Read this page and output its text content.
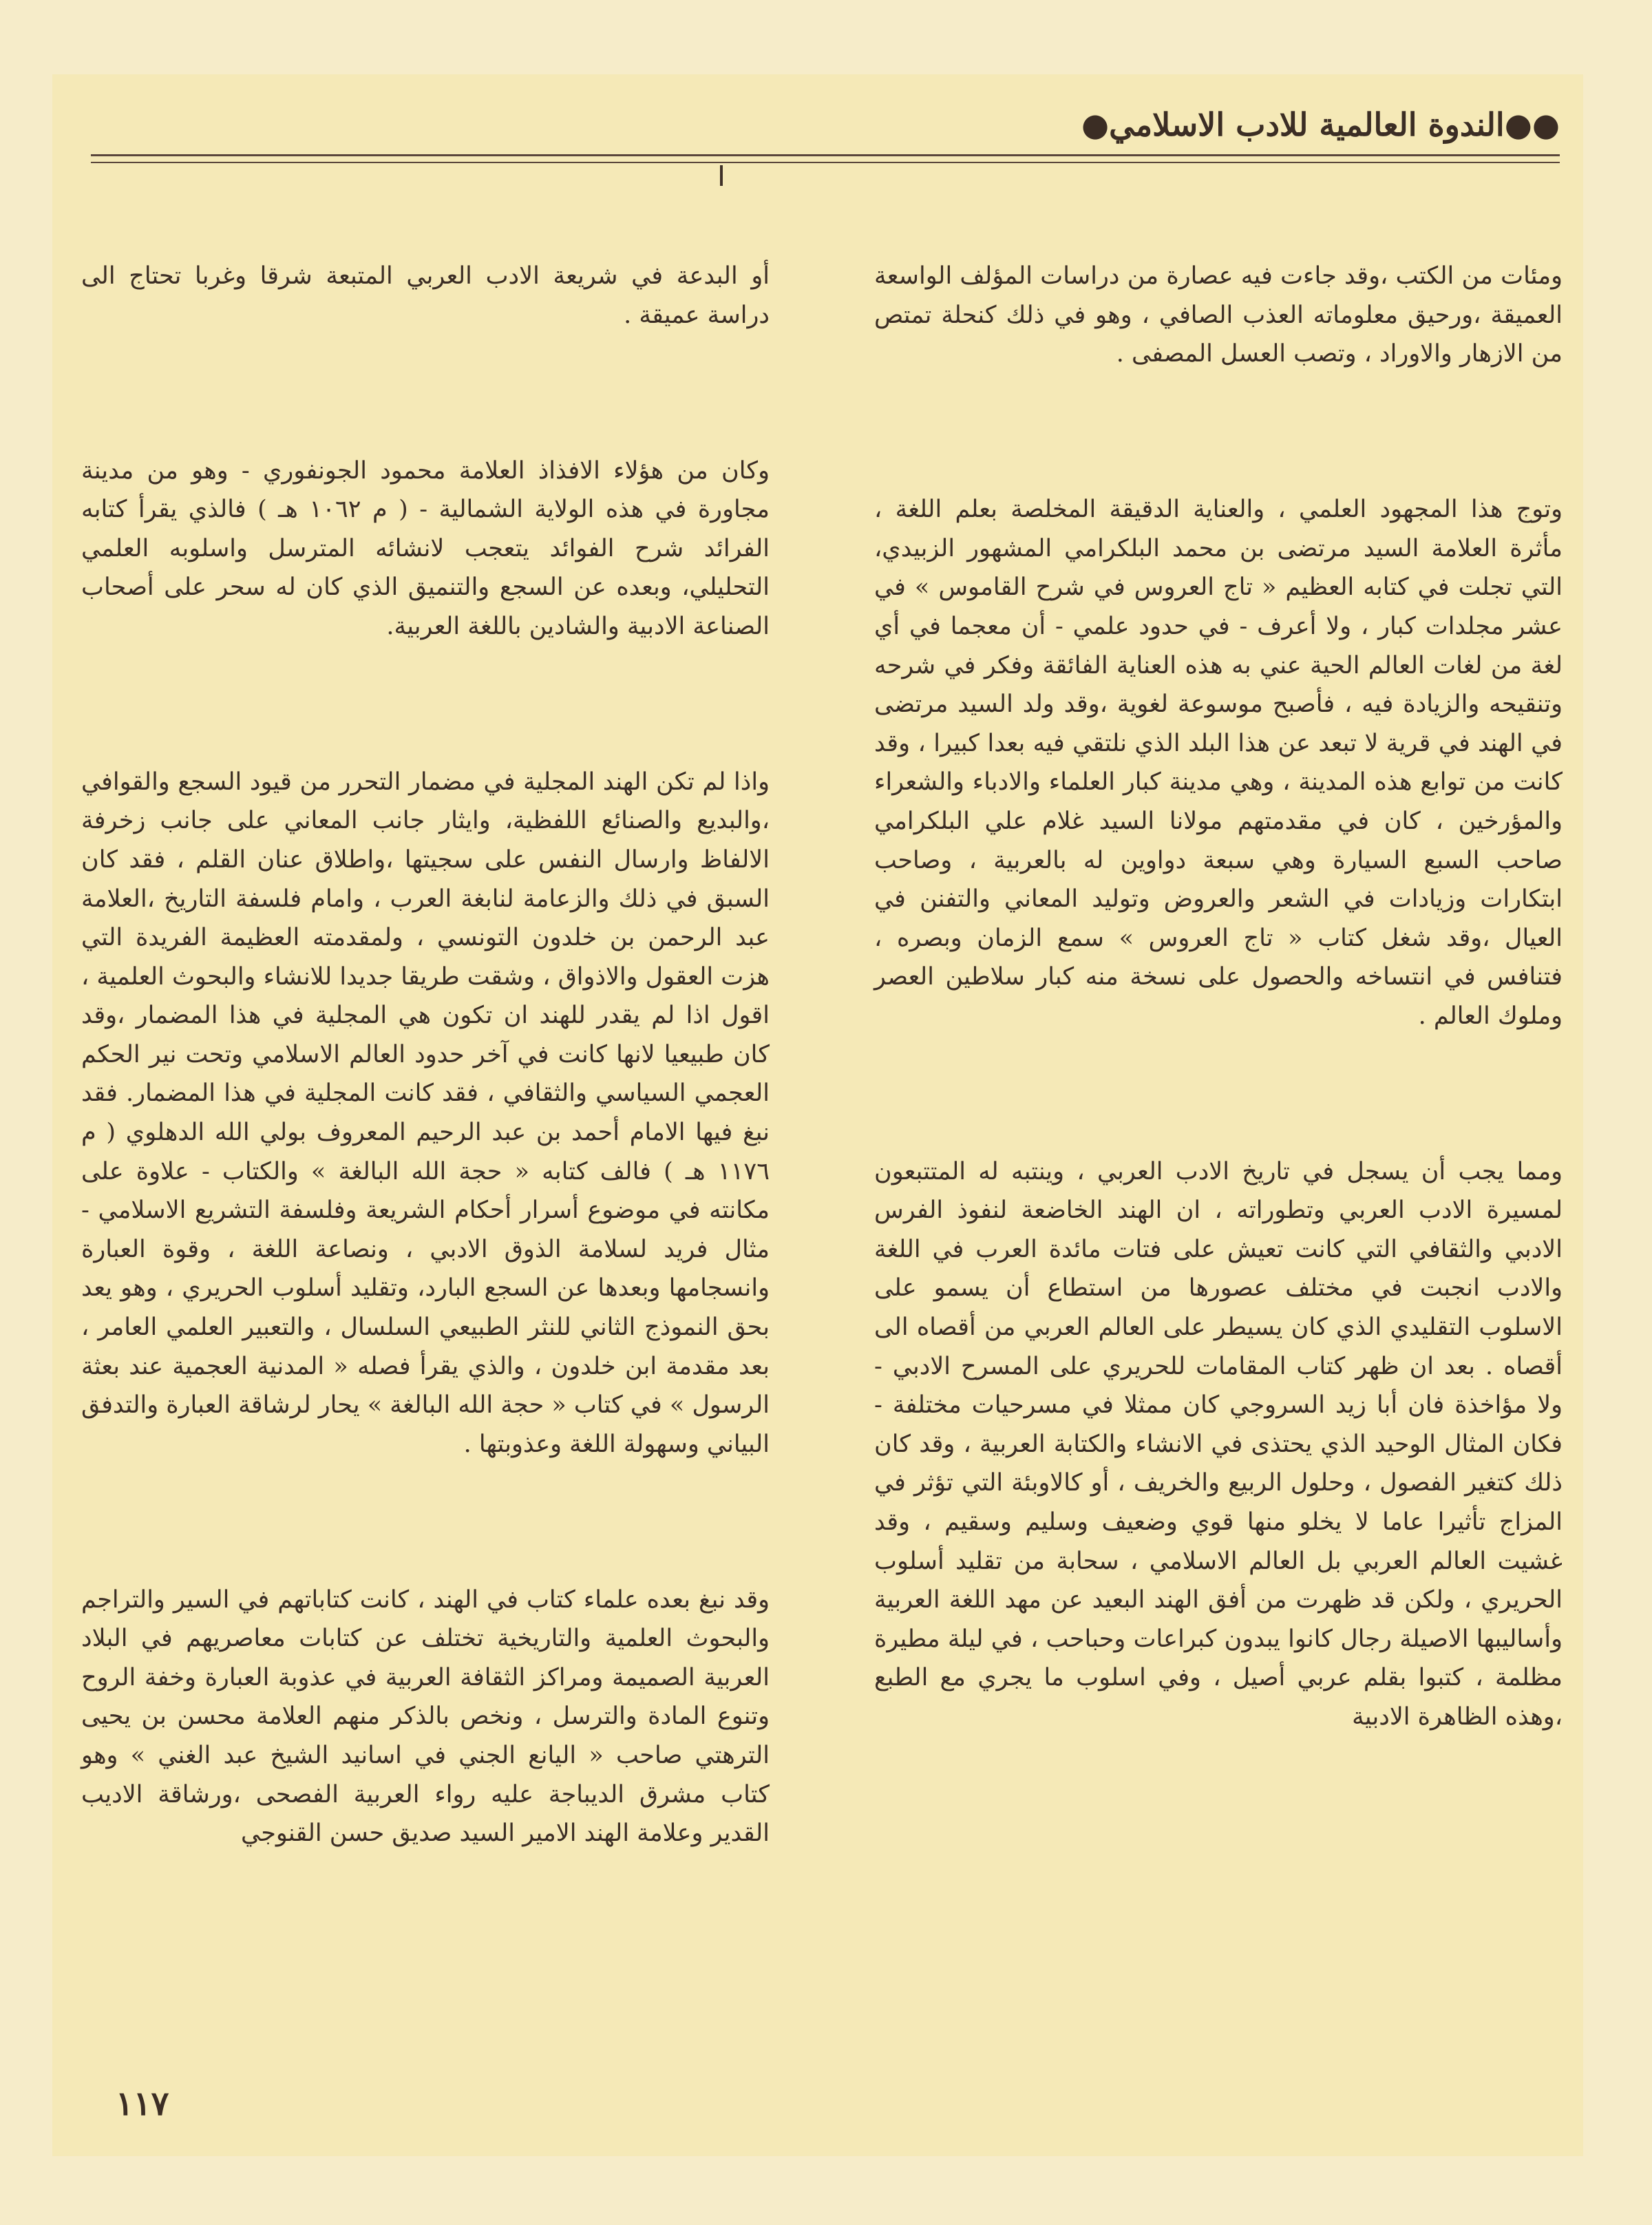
●الندوة العالمية للادب الاسلامي●●

ومئات من الكتب ،وقد جاءت فيه عصارة من دراسات المؤلف الواسعة العميقة ،ورحيق معلوماته العذب الصافي ، وهو في ذلك كنحلة تمتص من الازهار والاوراد ، وتصب العسل المصفى .

وتوج هذا المجهود العلمي ، والعناية الدقيقة المخلصة بعلم اللغة ، مأثرة العلامة السيد مرتضى بن محمد البلكرامي المشهور الزبيدي، التي تجلت في كتابه العظيم « تاج العروس في شرح القاموس » في عشر مجلدات كبار ، ولا أعرف - في حدود علمي - أن معجما في أي لغة من لغات العالم الحية عني به هذه العناية الفائقة وفكر في شرحه وتنقيحه والزيادة فيه ، فأصبح موسوعة لغوية ،وقد ولد السيد مرتضى في الهند في قرية لا تبعد عن هذا البلد الذي نلتقي فيه بعدا كبيرا ، وقد كانت من توابع هذه المدينة ، وهي مدينة كبار العلماء والادباء والشعراء والمؤرخين ، كان في مقدمتهم مولانا السيد غلام علي البلكرامي صاحب السبع السيارة وهي سبعة دواوين له بالعربية ، وصاحب ابتكارات وزيادات في الشعر والعروض وتوليد المعاني والتفنن في العيال ،وقد شغل كتاب « تاج العروس » سمع الزمان وبصره ، فتنافس في انتساخه والحصول على نسخة منه كبار سلاطين العصر وملوك العالم .

ومما يجب أن يسجل في تاريخ الادب العربي ، وينتبه له المتتبعون لمسيرة الادب العربي وتطوراته ، ان الهند الخاضعة لنفوذ الفرس الادبي والثقافي التي كانت تعيش على فتات مائدة العرب في اللغة والادب انجبت في مختلف عصورها من استطاع أن يسمو على الاسلوب التقليدي الذي كان يسيطر على العالم العربي من أقصاه الى أقصاه . بعد ان ظهر كتاب المقامات للحريري على المسرح الادبي - ولا مؤاخذة فان أبا زيد السروجي كان ممثلا في مسرحيات مختلفة - فكان المثال الوحيد الذي يحتذى في الانشاء والكتابة العربية ، وقد كان ذلك كتغير الفصول ، وحلول الربيع والخريف ، أو كالاوبئة التي تؤثر في المزاج تأثيرا عاما لا يخلو منها قوي وضعيف وسليم وسقيم ، وقد غشيت العالم العربي بل العالم الاسلامي ، سحابة من تقليد أسلوب الحريري ، ولكن قد ظهرت من أفق الهند البعيد عن مهد اللغة العربية وأساليبها الاصيلة رجال كانوا يبدون كبراعات وحباحب ، في ليلة مطيرة مظلمة ، كتبوا بقلم عربي أصيل ، وفي اسلوب ما يجري مع الطبع ،وهذه الظاهرة الادبية

أو البدعة في شريعة الادب العربي المتبعة شرقا وغربا تحتاج الى دراسة عميقة .

وكان من هؤلاء الافذاذ العلامة محمود الجونفوري - وهو من مدينة مجاورة في هذه الولاية الشمالية - ( م ١٠٦٢ هـ ) فالذي يقرأ كتابه الفرائد شرح الفوائد يتعجب لانشائه المترسل واسلوبه العلمي التحليلي، وبعده عن السجع والتنميق الذي كان له سحر على أصحاب الصناعة الادبية والشادين باللغة العربية.

واذا لم تكن الهند المجلية في مضمار التحرر من قيود السجع والقوافي ،والبديع والصنائع اللفظية، وايثار جانب المعاني على جانب زخرفة الالفاظ وارسال النفس على سجيتها ،واطلاق عنان القلم ، فقد كان السبق في ذلك والزعامة لنابغة العرب ، وامام فلسفة التاريخ ،العلامة عبد الرحمن بن خلدون التونسي ، ولمقدمته العظيمة الفريدة التي هزت العقول والاذواق ، وشقت طريقا جديدا للانشاء والبحوث العلمية ، اقول اذا لم يقدر للهند ان تكون هي المجلية في هذا المضمار ،وقد كان طبيعيا لانها كانت في آخر حدود العالم الاسلامي وتحت نير الحكم العجمي السياسي والثقافي ، فقد كانت المجلية في هذا المضمار. فقد نبغ فيها الامام أحمد بن عبد الرحيم المعروف بولي الله الدهلوي ( م ١١٧٦ هـ ) فالف كتابه « حجة الله البالغة » والكتاب - علاوة على مكانته في موضوع أسرار أحكام الشريعة وفلسفة التشريع الاسلامي - مثال فريد لسلامة الذوق الادبي ، ونصاعة اللغة ، وقوة العبارة وانسجامها وبعدها عن السجع البارد، وتقليد أسلوب الحريري ، وهو يعد بحق النموذج الثاني للنثر الطبيعي السلسال ، والتعبير العلمي العامر ، بعد مقدمة ابن خلدون ، والذي يقرأ فصله « المدنية العجمية عند بعثة الرسول » في كتاب « حجة الله البالغة » يحار لرشاقة العبارة والتدفق البياني وسهولة اللغة وعذوبتها .

وقد نبغ بعده علماء كتاب في الهند ، كانت كتاباتهم في السير والتراجم والبحوث العلمية والتاريخية تختلف عن كتابات معاصريهم في البلاد العربية الصميمة ومراكز الثقافة العربية في عذوبة العبارة وخفة الروح وتنوع المادة والترسل ، ونخص بالذكر منهم العلامة محسن بن يحيى الترهتي صاحب « اليانع الجني في اسانيد الشيخ عبد الغني » وهو كتاب مشرق الديباجة عليه رواء العربية الفصحى ،ورشاقة الاديب القدير وعلامة الهند الامير السيد صديق حسن القنوجي

١١٧
